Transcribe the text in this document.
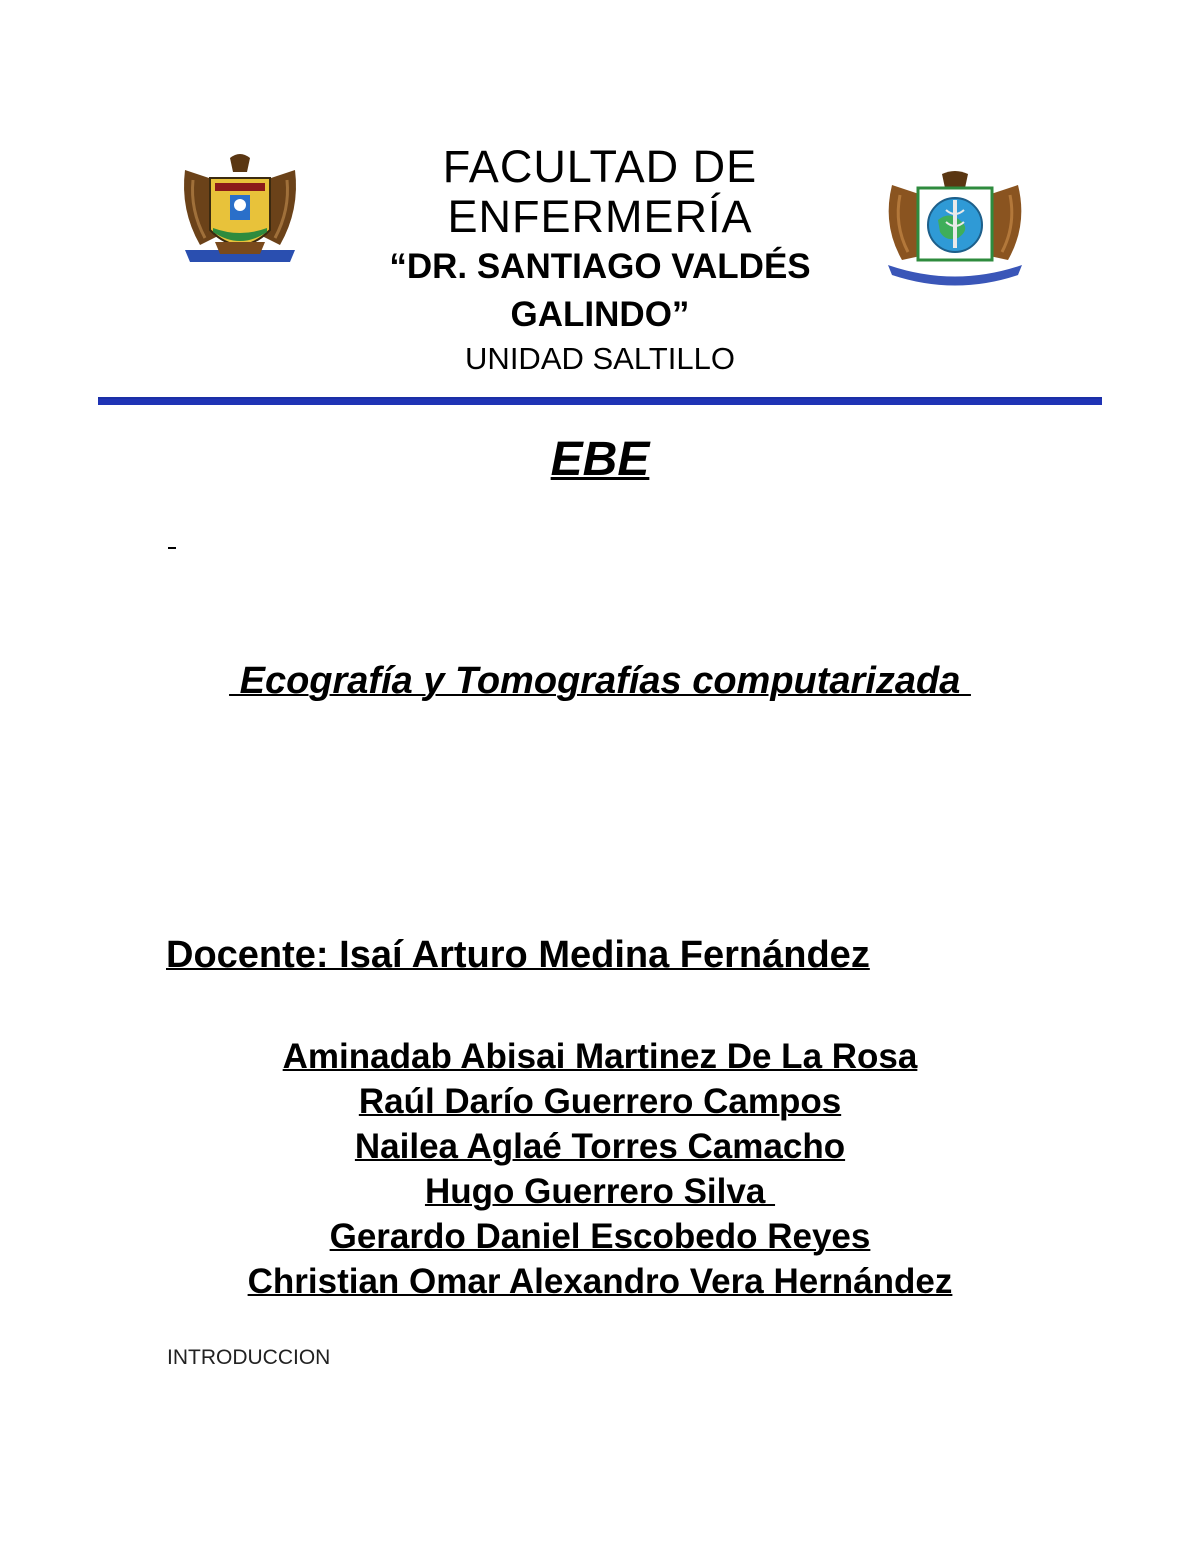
FACULTAD DE
ENFERMERÍA
“DR. SANTIAGO VALDÉS
GALINDO”
UNIDAD SALTILLO
EBE
Ecografía y Tomografías computarizada
Docente: Isaí Arturo Medina Fernández
Aminadab Abisai Martinez De La Rosa
Raúl Darío Guerrero Campos
Nailea Aglaé Torres Camacho
Hugo Guerrero Silva
Gerardo Daniel Escobedo Reyes
Christian Omar Alexandro Vera Hernández
INTRODUCCION
